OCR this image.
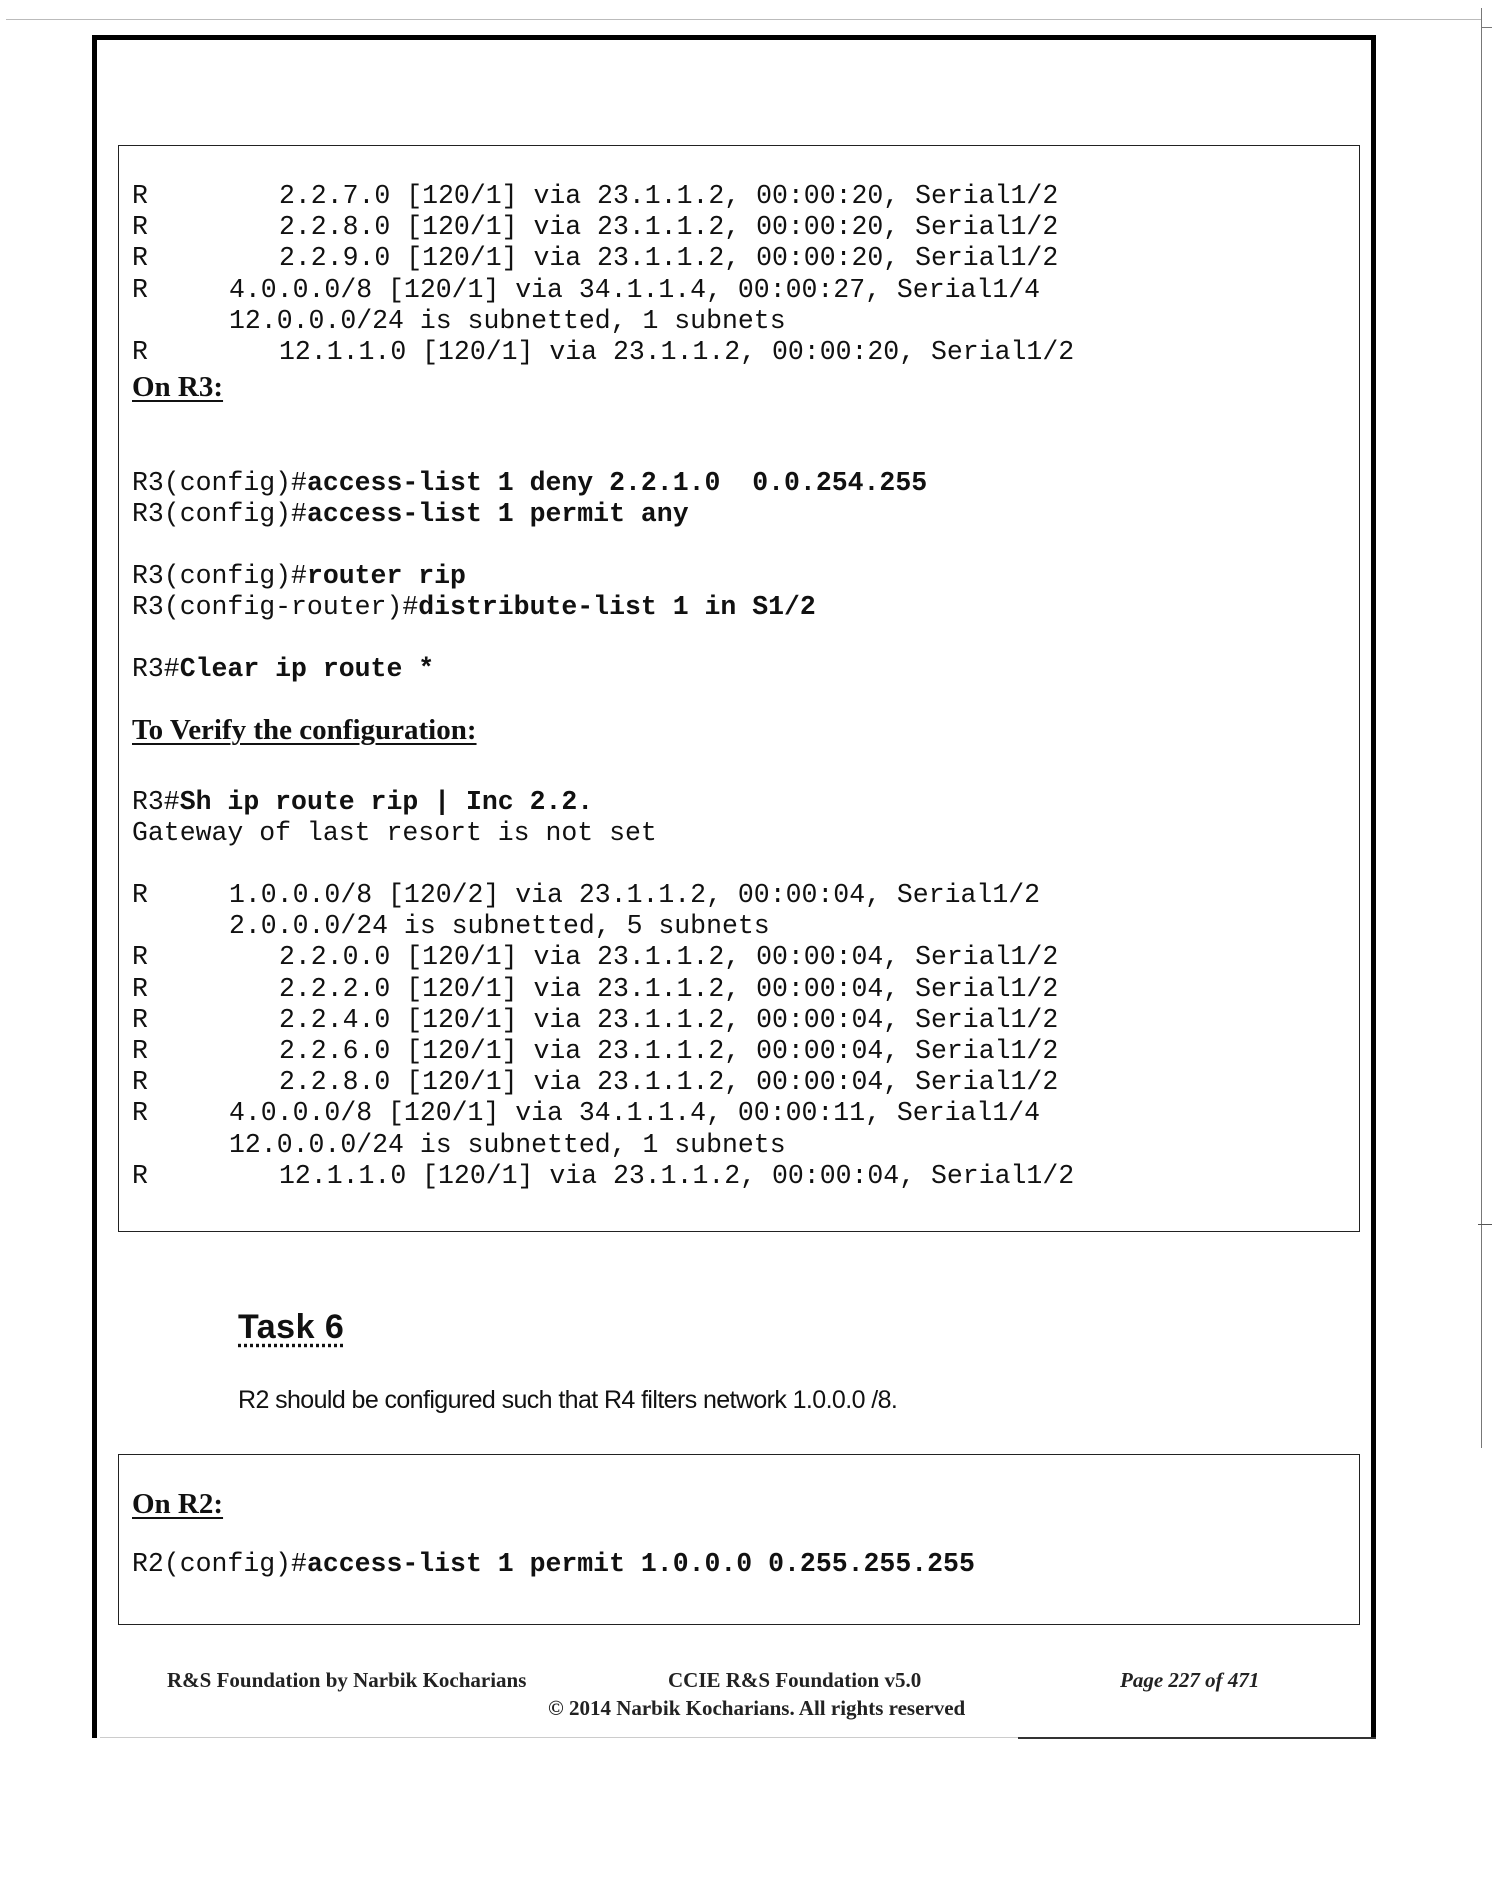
R	2.2.7.0 [120/1] via 23.1.1.2, 00:00:20, Serial1/2
R	2.2.8.0 [120/1] via 23.1.1.2, 00:00:20, Serial1/2
R	2.2.9.0 [120/1] via 23.1.1.2, 00:00:20, Serial1/2
R	4.0.0.0/8 [120/1] via 34.1.1.4, 00:00:27, Serial1/4
12.0.0.0/24 is subnetted, 1 subnets
R	12.1.1.0 [120/1] via 23.1.1.2, 00:00:20, Serial1/2
On R3:
R3(config)#access-list 1 deny 2.2.1.0  0.0.254.255
R3(config)#access-list 1 permit any
R3(config)#router rip
R3(config-router)#distribute-list 1 in S1/2
R3#Clear ip route *
To Verify the configuration:
R3#Sh ip route rip | Inc 2.2.
Gateway of last resort is not set
R	1.0.0.0/8 [120/2] via 23.1.1.2, 00:00:04, Serial1/2
2.0.0.0/24 is subnetted, 5 subnets
R	2.2.0.0 [120/1] via 23.1.1.2, 00:00:04, Serial1/2
R	2.2.2.0 [120/1] via 23.1.1.2, 00:00:04, Serial1/2
R	2.2.4.0 [120/1] via 23.1.1.2, 00:00:04, Serial1/2
R	2.2.6.0 [120/1] via 23.1.1.2, 00:00:04, Serial1/2
R	2.2.8.0 [120/1] via 23.1.1.2, 00:00:04, Serial1/2
R	4.0.0.0/8 [120/1] via 34.1.1.4, 00:00:11, Serial1/4
12.0.0.0/24 is subnetted, 1 subnets
R	12.1.1.0 [120/1] via 23.1.1.2, 00:00:04, Serial1/2
Task 6
R2 should be configured such that R4 filters network 1.0.0.0 /8.
On R2:
R2(config)#access-list 1 permit 1.0.0.0 0.255.255.255
R&S Foundation by Narbik Kocharians	CCIE R&S Foundation v5.0	Page 227 of 471
© 2014 Narbik Kocharians. All rights reserved
